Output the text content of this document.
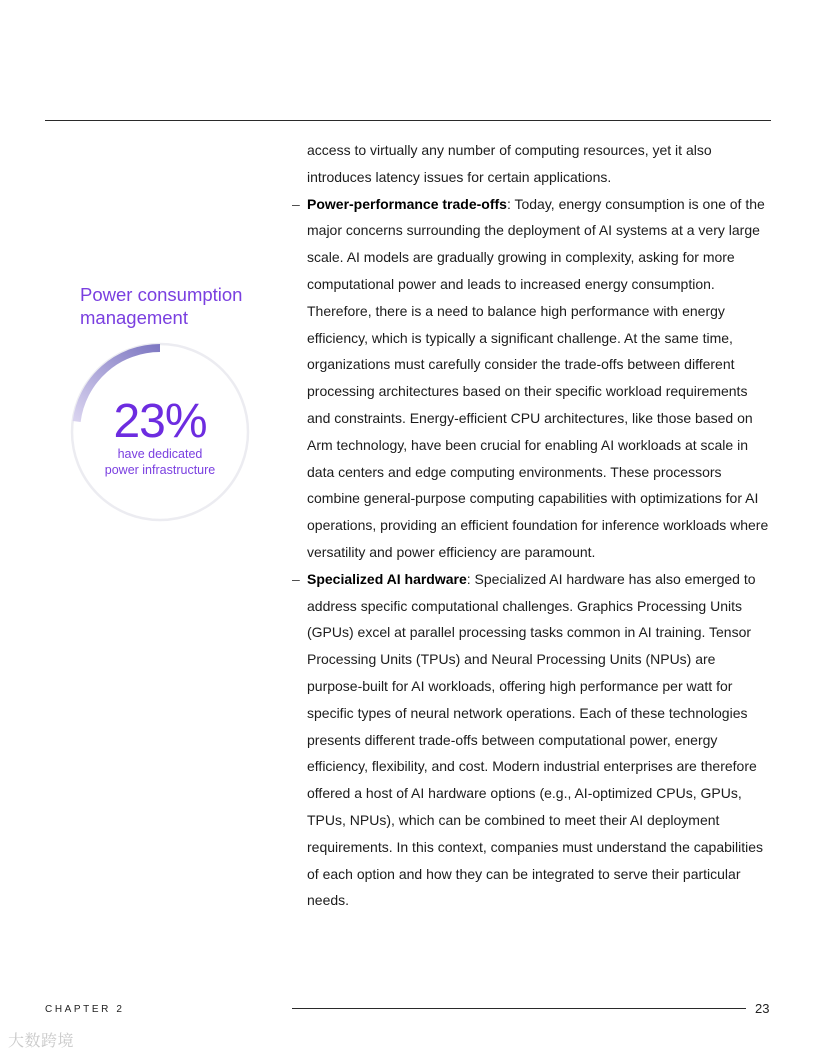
Power consumption management
23%
have dedicated
power infrastructure

access to virtually any number of computing resources, yet it also introduces latency issues for certain applications.

– Power-performance trade-offs: Today, energy consumption is one of the major concerns surrounding the deployment of AI systems at a very large scale. AI models are gradually growing in complexity, asking for more computational power and leads to increased energy consumption. Therefore, there is a need to balance high performance with energy efficiency, which is typically a significant challenge. At the same time, organizations must carefully consider the trade-offs between different processing architectures based on their specific workload requirements and constraints. Energy-efficient CPU architectures, like those based on Arm technology, have been crucial for enabling AI workloads at scale in data centers and edge computing environments. These processors combine general-purpose computing capabilities with optimizations for AI operations, providing an efficient foundation for inference workloads where versatility and power efficiency are paramount.

– Specialized AI hardware: Specialized AI hardware has also emerged to address specific computational challenges. Graphics Processing Units (GPUs) excel at parallel processing tasks common in AI training. Tensor Processing Units (TPUs) and Neural Processing Units (NPUs) are purpose-built for AI workloads, offering high performance per watt for specific types of neural network operations. Each of these technologies presents different trade-offs between computational power, energy efficiency, flexibility, and cost. Modern industrial enterprises are therefore offered a host of AI hardware options (e.g., AI-optimized CPUs, GPUs, TPUs, NPUs), which can be combined to meet their AI deployment requirements. In this context, companies must understand the capabilities of each option and how they can be integrated to serve their particular needs.

CHAPTER 2	23
大数跨境
